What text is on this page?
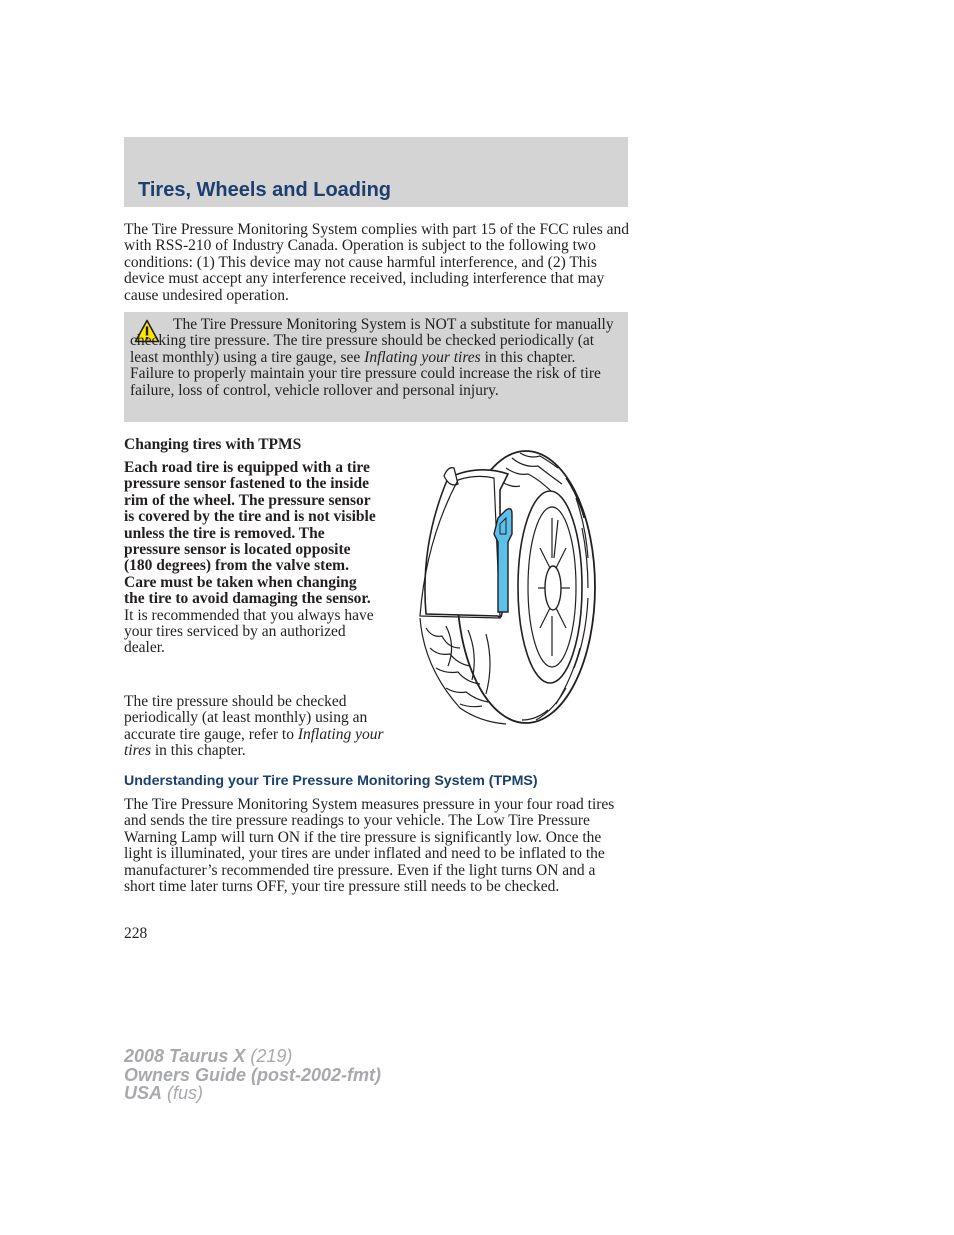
Tires, Wheels and Loading

The Tire Pressure Monitoring System complies with part 15 of the FCC rules and with RSS-210 of Industry Canada. Operation is subject to the following two conditions: (1) This device may not cause harmful interference, and (2) This device must accept any interference received, including interference that may cause undesired operation.

The Tire Pressure Monitoring System is NOT a substitute for manually checking tire pressure. The tire pressure should be checked periodically (at least monthly) using a tire gauge, see Inflating your tires in this chapter. Failure to properly maintain your tire pressure could increase the risk of tire failure, loss of control, vehicle rollover and personal injury.

Changing tires with TPMS

Each road tire is equipped with a tire pressure sensor fastened to the inside rim of the wheel. The pressure sensor is covered by the tire and is not visible unless the tire is removed. The pressure sensor is located opposite (180 degrees) from the valve stem. Care must be taken when changing the tire to avoid damaging the sensor. It is recommended that you always have your tires serviced by an authorized dealer.

The tire pressure should be checked periodically (at least monthly) using an accurate tire gauge, refer to Inflating your tires in this chapter.

Understanding your Tire Pressure Monitoring System (TPMS)

The Tire Pressure Monitoring System measures pressure in your four road tires and sends the tire pressure readings to your vehicle. The Low Tire Pressure Warning Lamp will turn ON if the tire pressure is significantly low. Once the light is illuminated, your tires are under inflated and need to be inflated to the manufacturer’s recommended tire pressure. Even if the light turns ON and a short time later turns OFF, your tire pressure still needs to be checked.

228

2008 Taurus X (219)
Owners Guide (post-2002-fmt)
USA (fus)
